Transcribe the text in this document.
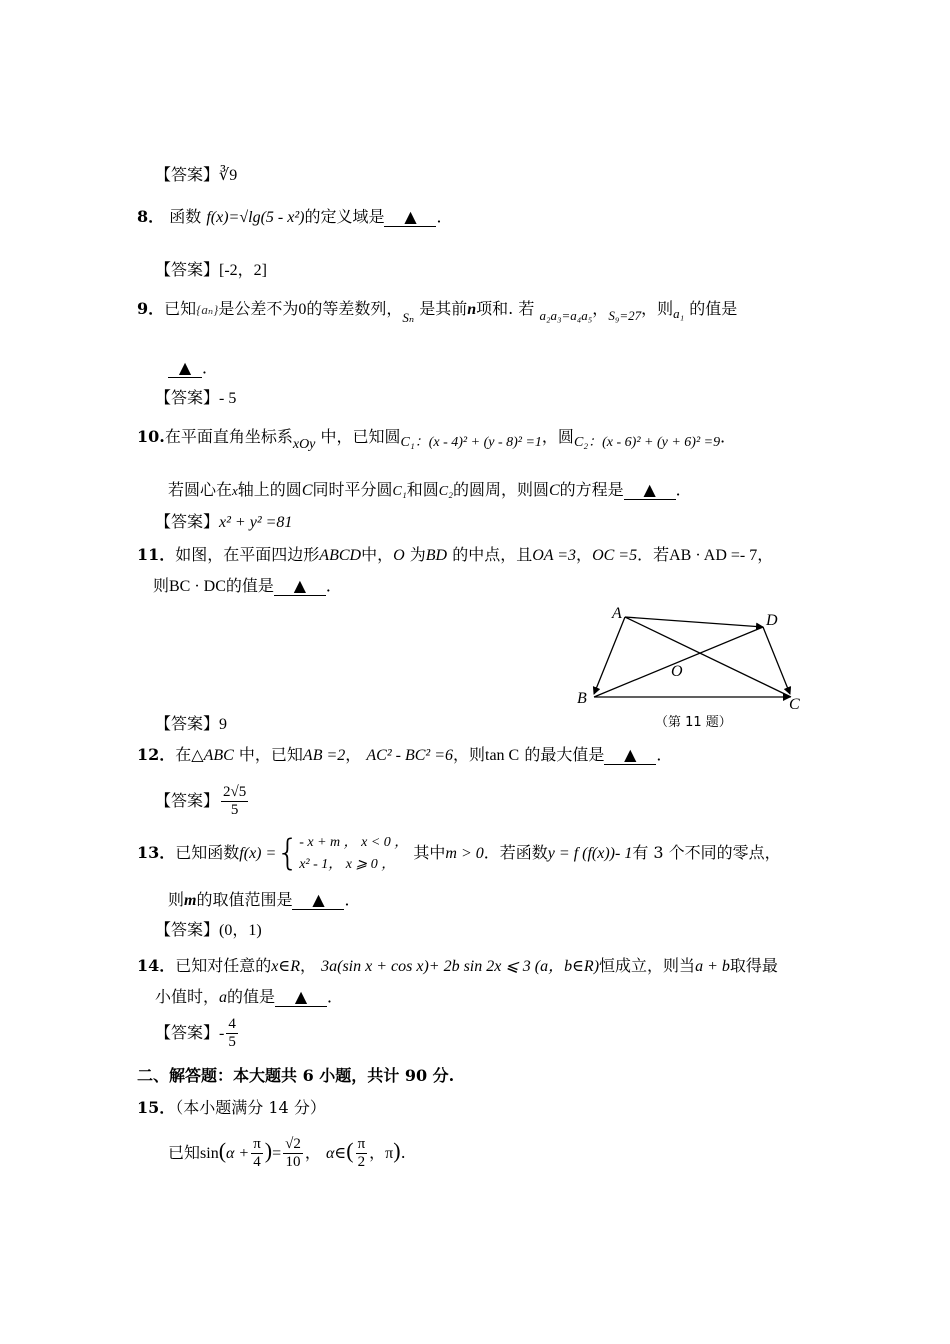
【答案】∛9
8． 函数 f(x)=√lg(5 - x²)的定义域是 ▲ ．
【答案】[-2，2]
9．已知{aₙ}是公差不为0的等差数列，$_{S_n}$ 是其前n项和. 若 $_{a_2a_3=a_4a_5}$，$_{S_9=27}$，则$_{a_1}$ 的值是
▲ ．
【答案】- 5
10.在平面直角坐标系xOy 中，已知圆C₁：(x - 4)² + (y - 8)² =1，圆C₂：(x - 6)² + (y + 6)² =9．
若圆心在x轴上的圆C同时平分圆C₁和圆C₂的圆周，则圆C的方程是 ▲ ．
【答案】x² + y² =81
11．如图，在平面四边形ABCD中，O 为BD 的中点，且OA =3，OC =5．若AB · AD =- 7，
则BC · DC的值是 ▲ ．
A
B	C
D
O
（第 11 题）
【答案】9
12．在△ABC 中，已知AB =2， AC² - BC² =6，则tan C 的最大值是 ▲ ．
【答案】 $\frac{2√5}{5}$
13．已知函数f(x) ={ - x + m ， x < 0 ，
x² - 1， x ⩾ 0 ，
其中m > 0．若函数y = f (f(x))- 1有 3 个不同的零点，
则m的取值范围是 ▲ ．
【答案】(0，1)
14．已知对任意的x∈R， 3a(sin x + cos x)+ 2b sin 2x ⩽ 3 (a，b∈R)恒成立，则当a + b取得最
小值时，a的值是 ▲ ．
【答案】- $\frac{4}{5}$
二、解答题：本大题共 6 小题，共计 90 分.
15．（本小题满分 14 分）
已知$\sin(\alpha + \frac{\pi}{4}$ )= $\frac{√2}{10}$ ， α∈( $\frac{\pi}{2}$ ，π).
